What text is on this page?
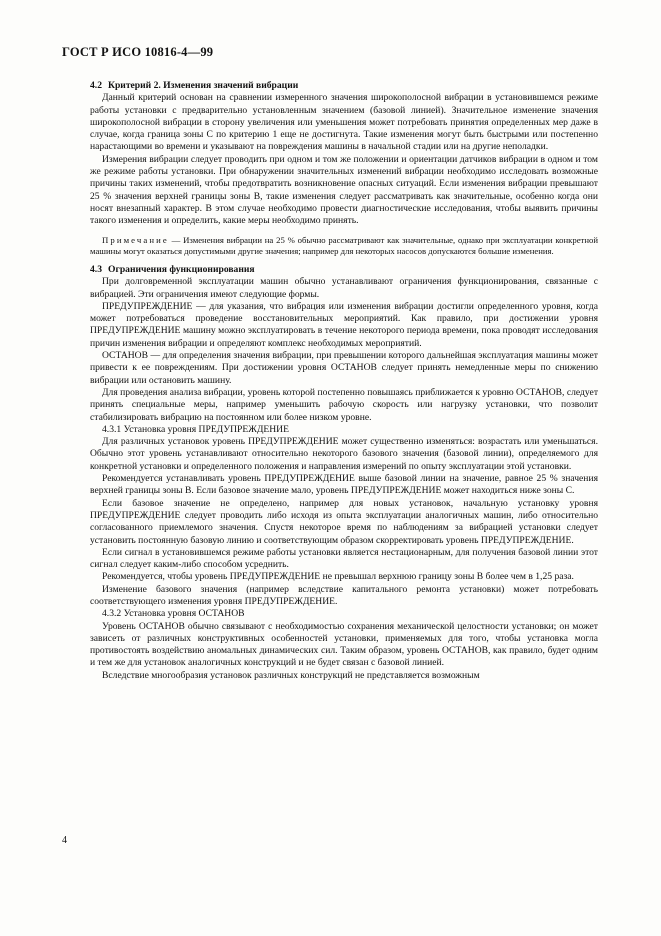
ГОСТ Р ИСО 10816-4—99
4.2 Критерий 2. Изменения значений вибрации

Данный критерий основан на сравнении измеренного значения широкополосной вибрации в установившемся режиме работы установки с предварительно установленным значением (базовой линией). Значительное изменение значения широкополосной вибрации в сторону увеличения или уменьшения может потребовать принятия определенных мер даже в случае, когда граница зоны С по критерию 1 еще не достигнута. Такие изменения могут быть быстрыми или постепенно нарастающими во времени и указывают на повреждения машины в начальной стадии или на другие неполадки.

Измерения вибрации следует проводить при одном и том же положении и ориентации датчиков вибрации в одном и том же режиме работы установки. При обнаружении значительных изменений вибрации необходимо исследовать возможные причины таких изменений, чтобы предотвратить возникновение опасных ситуаций. Если изменения вибрации превышают 25 % значения верхней границы зоны В, такие изменения следует рассматривать как значительные, особенно когда они носят внезапный характер. В этом случае необходимо провести диагностические исследования, чтобы выявить причины такого изменения и определить, какие меры необходимо принять.

Примечание — Изменения вибрации на 25 % обычно рассматривают как значительные, однако при эксплуатации конкретной машины могут оказаться допустимыми другие значения; например для некоторых насосов допускаются большие изменения.

4.3 Ограничения функционирования

При долговременной эксплуатации машин обычно устанавливают ограничения функционирования, связанные с вибрацией. Эти ограничения имеют следующие формы.

ПРЕДУПРЕЖДЕНИЕ — для указания, что вибрация или изменения вибрации достигли определенного уровня, когда может потребоваться проведение восстановительных мероприятий. Как правило, при достижении уровня ПРЕДУПРЕЖДЕНИЕ машину можно эксплуатировать в течение некоторого периода времени, пока проводят исследования причин изменения вибрации и определяют комплекс необходимых мероприятий.

ОСТАНОВ — для определения значения вибрации, при превышении которого дальнейшая эксплуатация машины может привести к ее повреждениям. При достижении уровня ОСТАНОВ следует принять немедленные меры по снижению вибрации или остановить машину.

Для проведения анализа вибрации, уровень которой постепенно повышаясь приближается к уровню ОСТАНОВ, следует принять специальные меры, например уменьшить рабочую скорость или нагрузку установки, что позволит стабилизировать вибрацию на постоянном или более низком уровне.

4.3.1 Установка уровня ПРЕДУПРЕЖДЕНИЕ

Для различных установок уровень ПРЕДУПРЕЖДЕНИЕ может существенно изменяться: возрастать или уменьшаться. Обычно этот уровень устанавливают относительно некоторого базового значения (базовой линии), определяемого для конкретной установки и определенного положения и направления измерений по опыту эксплуатации этой установки.

Рекомендуется устанавливать уровень ПРЕДУПРЕЖДЕНИЕ выше базовой линии на значение, равное 25 % значения верхней границы зоны В. Если базовое значение мало, уровень ПРЕДУПРЕЖДЕНИЕ может находиться ниже зоны С.

Если базовое значение не определено, например для новых установок, начальную установку уровня ПРЕДУПРЕЖДЕНИЕ следует проводить либо исходя из опыта эксплуатации аналогичных машин, либо относительно согласованного приемлемого значения. Спустя некоторое время по наблюдениям за вибрацией установки следует установить постоянную базовую линию и соответствующим образом скорректировать уровень ПРЕДУПРЕЖДЕНИЕ.

Если сигнал в установившемся режиме работы установки является нестационарным, для получения базовой линии этот сигнал следует каким-либо способом усреднить.

Рекомендуется, чтобы уровень ПРЕДУПРЕЖДЕНИЕ не превышал верхнюю границу зоны В более чем в 1,25 раза.

Изменение базового значения (например вследствие капитального ремонта установки) может потребовать соответствующего изменения уровня ПРЕДУПРЕЖДЕНИЕ.

4.3.2 Установка уровня ОСТАНОВ

Уровень ОСТАНОВ обычно связывают с необходимостью сохранения механической целостности установки; он может зависеть от различных конструктивных особенностей установки, применяемых для того, чтобы установка могла противостоять воздействию аномальных динамических сил. Таким образом, уровень ОСТАНОВ, как правило, будет одним и тем же для установок аналогичных конструкций и не будет связан с базовой линией.

Вследствие многообразия установок различных конструкций не представляется возможным

4
